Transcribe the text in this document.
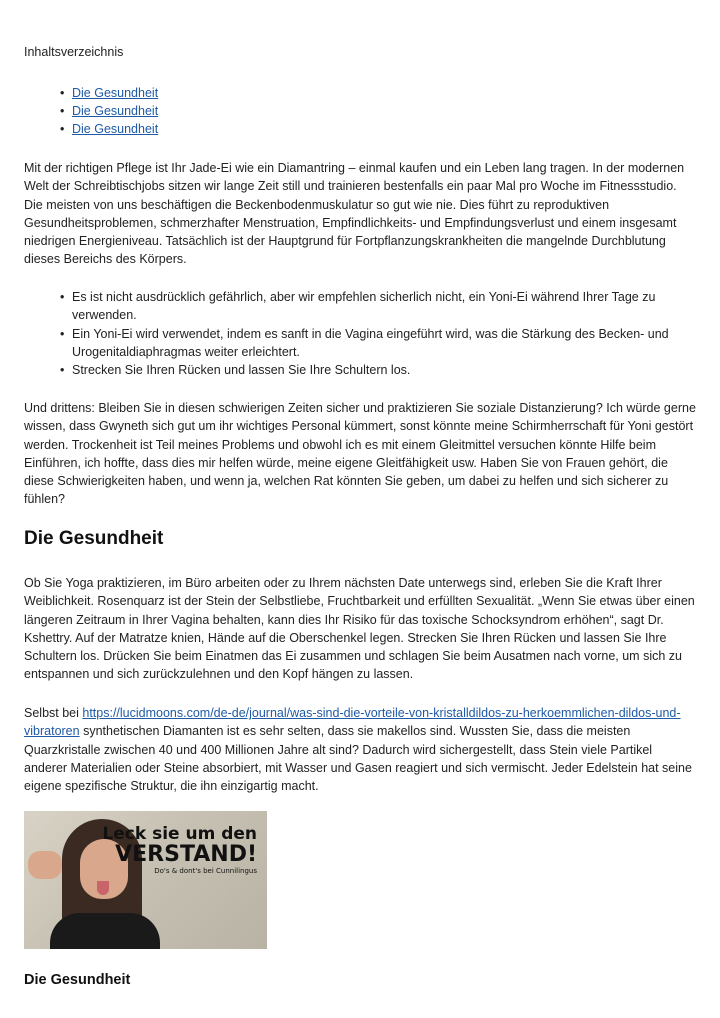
Inhaltsverzeichnis
• Die Gesundheit
• Die Gesundheit
• Die Gesundheit

Mit der richtigen Pflege ist Ihr Jade-Ei wie ein Diamantring – einmal kaufen und ein Leben lang tragen. In der modernen Welt der Schreibtischjobs sitzen wir lange Zeit still und trainieren bestenfalls ein paar Mal pro Woche im Fitnessstudio. Die meisten von uns beschäftigen die Beckenbodenmuskulatur so gut wie nie. Dies führt zu reproduktiven Gesundheitsproblemen, schmerzhafter Menstruation, Empfindlichkeits- und Empfindungsverlust und einem insgesamt niedrigen Energieniveau. Tatsächlich ist der Hauptgrund für Fortpflanzungskrankheiten die mangelnde Durchblutung dieses Bereichs des Körpers.

• Es ist nicht ausdrücklich gefährlich, aber wir empfehlen sicherlich nicht, ein Yoni-Ei während Ihrer Tage zu verwenden.
• Ein Yoni-Ei wird verwendet, indem es sanft in die Vagina eingeführt wird, was die Stärkung des Becken- und Urogenitaldiaphragmas weiter erleichtert.
• Strecken Sie Ihren Rücken und lassen Sie Ihre Schultern los.

Und drittens: Bleiben Sie in diesen schwierigen Zeiten sicher und praktizieren Sie soziale Distanzierung? Ich würde gerne wissen, dass Gwyneth sich gut um ihr wichtiges Personal kümmert, sonst könnte meine Schirmherrschaft für Yoni gestört werden. Trockenheit ist Teil meines Problems und obwohl ich es mit einem Gleitmittel versuchen könnte Hilfe beim Einführen, ich hoffte, dass dies mir helfen würde, meine eigene Gleitfähigkeit usw. Haben Sie von Frauen gehört, die diese Schwierigkeiten haben, und wenn ja, welchen Rat könnten Sie geben, um dabei zu helfen und sich sicherer zu fühlen?

Die Gesundheit

Ob Sie Yoga praktizieren, im Büro arbeiten oder zu Ihrem nächsten Date unterwegs sind, erleben Sie die Kraft Ihrer Weiblichkeit. Rosenquarz ist der Stein der Selbstliebe, Fruchtbarkeit und erfüllten Sexualität. „Wenn Sie etwas über einen längeren Zeitraum in Ihrer Vagina behalten, kann dies Ihr Risiko für das toxische Schocksyndrom erhöhen“, sagt Dr. Kshettry. Auf der Matratze knien, Hände auf die Oberschenkel legen. Strecken Sie Ihren Rücken und lassen Sie Ihre Schultern los. Drücken Sie beim Einatmen das Ei zusammen und schlagen Sie beim Ausatmen nach vorne, um sich zu entspannen und sich zurückzulehnen und den Kopf hängen zu lassen.

Selbst bei https://lucidmoons.com/de-de/journal/was-sind-die-vorteile-von-kristalldildos-zu-herkoemmlichen-dildos-und-vibratoren synthetischen Diamanten ist es sehr selten, dass sie makellos sind. Wussten Sie, dass die meisten Quarzkristalle zwischen 40 und 400 Millionen Jahre alt sind? Dadurch wird sichergestellt, dass Stein viele Partikel anderer Materialien oder Steine absorbiert, mit Wasser und Gasen reagiert und sich vermischt. Jeder Edelstein hat seine eigene spezifische Struktur, die ihn einzigartig macht.

Leck sie um den
VERSTAND!
Do's & dont's bei Cunnilingus
Die Gesundheit
